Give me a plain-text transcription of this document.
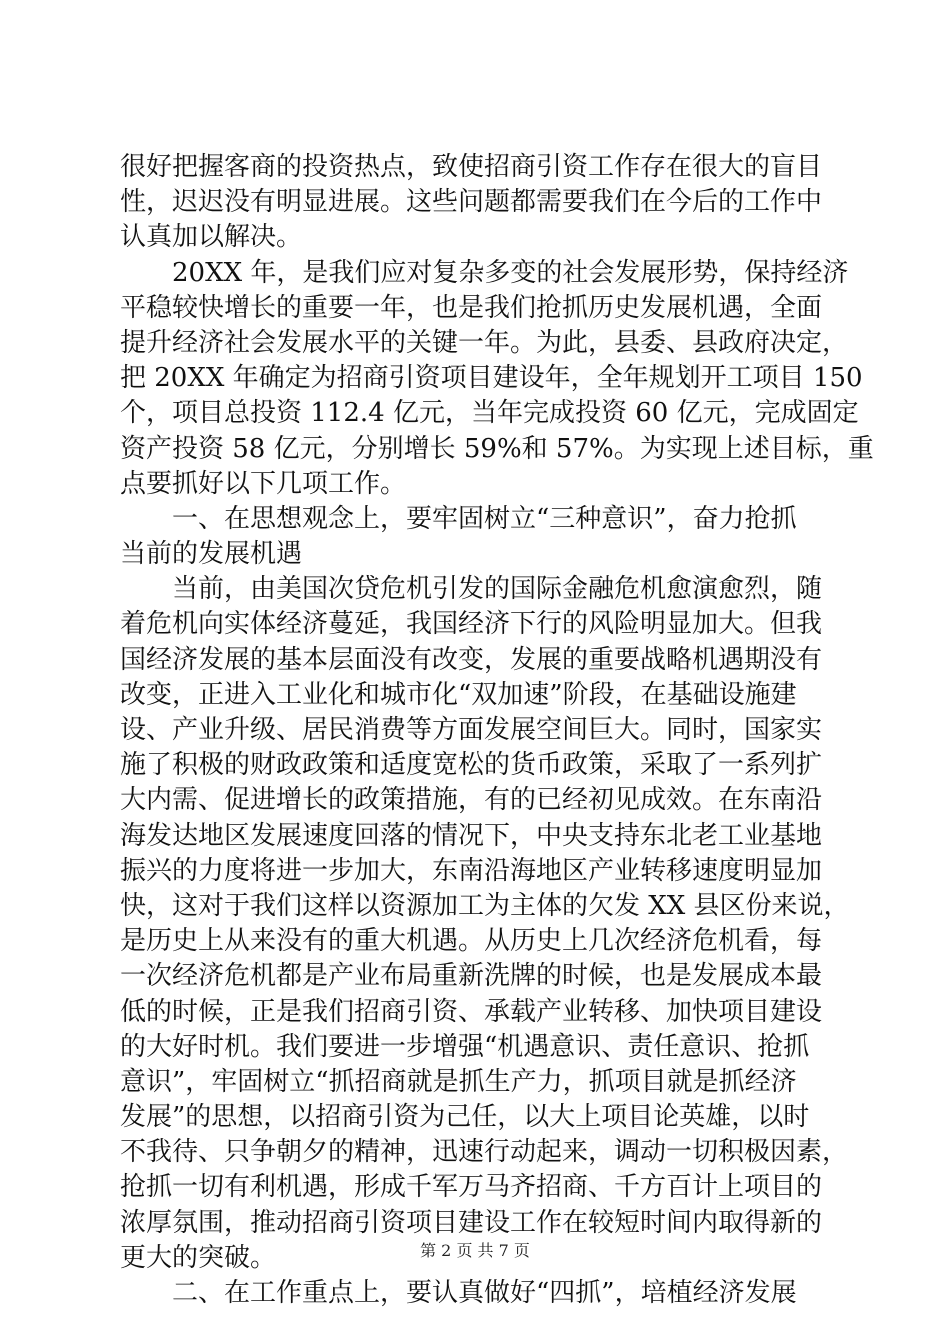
很好把握客商的投资热点，致使招商引资工作存在很大的盲目
性，迟迟没有明显进展。这些问题都需要我们在今后的工作中
认真加以解决。
　　20XX 年，是我们应对复杂多变的社会发展形势，保持经济
平稳较快增长的重要一年，也是我们抢抓历史发展机遇，全面
提升经济社会发展水平的关键一年。为此，县委、县政府决定，
把 20XX 年确定为招商引资项目建设年，全年规划开工项目 150
个，项目总投资 112.4 亿元，当年完成投资 60 亿元，完成固定
资产投资 58 亿元，分别增长 59%和 57%。为实现上述目标，重
点要抓好以下几项工作。
　　一、在思想观念上，要牢固树立“三种意识”，奋力抢抓
当前的发展机遇
　　当前，由美国次贷危机引发的国际金融危机愈演愈烈，随
着危机向实体经济蔓延，我国经济下行的风险明显加大。但我
国经济发展的基本层面没有改变，发展的重要战略机遇期没有
改变，正进入工业化和城市化“双加速”阶段，在基础设施建
设、产业升级、居民消费等方面发展空间巨大。同时，国家实
施了积极的财政政策和适度宽松的货币政策，采取了一系列扩
大内需、促进增长的政策措施，有的已经初见成效。在东南沿
海发达地区发展速度回落的情况下，中央支持东北老工业基地
振兴的力度将进一步加大，东南沿海地区产业转移速度明显加
快，这对于我们这样以资源加工为主体的欠发 XX 县区份来说，
是历史上从来没有的重大机遇。从历史上几次经济危机看，每
一次经济危机都是产业布局重新洗牌的时候，也是发展成本最
低的时候，正是我们招商引资、承载产业转移、加快项目建设
的大好时机。我们要进一步增强“机遇意识、责任意识、抢抓
意识”，牢固树立“抓招商就是抓生产力，抓项目就是抓经济
发展”的思想，以招商引资为己任，以大上项目论英雄，以时
不我待、只争朝夕的精神，迅速行动起来，调动一切积极因素，
抢抓一切有利机遇，形成千军万马齐招商、千方百计上项目的
浓厚氛围，推动招商引资项目建设工作在较短时间内取得新的
更大的突破。
　　二、在工作重点上，要认真做好“四抓”，培植经济发展
第 2 页 共 7 页
